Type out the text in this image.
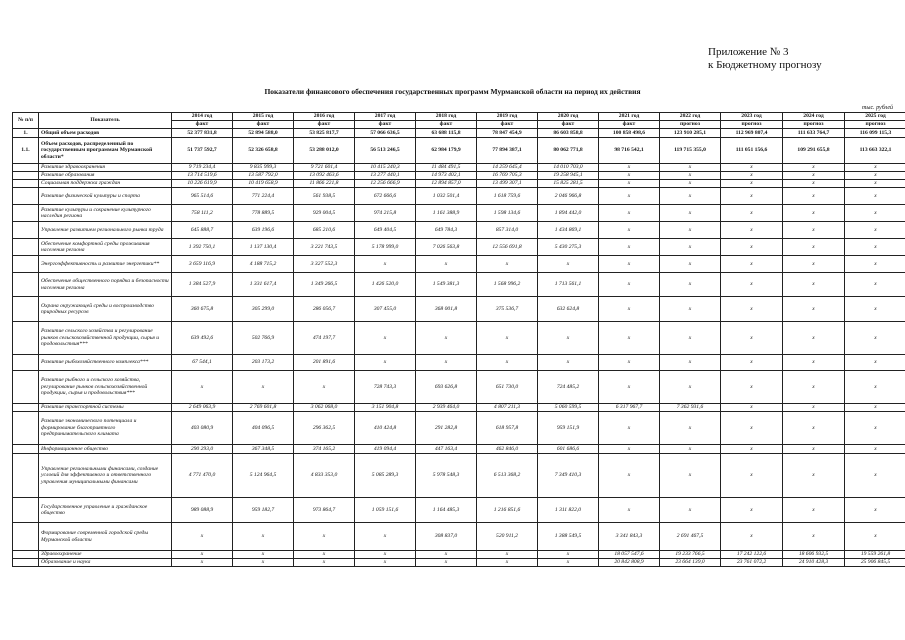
Приложение № 3
к Бюджетному прогнозу
Показатели финансового обеспечения государственных программ Мурманской области на период их действия
тыс. рублей
№ п/п	Показатель	2014 год	2015 год	2016 год	2017 год	2018 год	2019 год	2020 год	2021 год	2022 год	2023 год	2024 год	2025 год
		факт	факт	факт	факт	факт	факт	факт	факт	прогноз	прогноз	прогноз	прогноз
1.	Общий объем расходов	52 377 831,8	52 894 588,0	53 825 817,7	57 066 636,5	63 688 115,8	78 847 454,9	86 603 858,8	100 858 498,6	123 910 285,1	112 969 807,4	111 633 764,7	116 099 115,3
1.1.	Объем расходов, распределенный по государственным программам Мурманской области*	51 737 592,7	52 326 658,8	53 288 012,0	56 513 246,5	62 984 179,9	77 894 387,1	80 062 771,8	98 716 542,1	119 715 355,0	111 051 156,6	109 291 655,8	113 663 322,1
	Развитие здравоохранения	9 719 234,4	9 835 999,3	9 721 601,4	10 415 240,3	11 484 491,5	14 259 645,4	14 010 703,0	x	x	x	x	x
	Развитие образования	13 714 519,6	13 587 792,0	13 092 463,6	13 277 440,1	14 973 402,1	16 769 705,3	19 258 945,1	x	x	x	x	x
	Социальная поддержка граждан	10 226 619,9	10 419 658,9	11 866 221,8	12 256 666,9	12 894 857,0	13 499 307,1	15 825 281,5	x	x	x	x	x
	Развитие физической культуры и спорта	965 514,6	771 224,4	561 938,5	672 666,6	1 032 501,4	1 618 759,6	2 046 966,8	x	x	x	x	x
	Развитие культуры и сохранение культурного наследия региона	758 111,2	778 889,5	929 004,5	974 215,8	1 161 388,9	1 598 134,6	1 894 442,0	x	x	x	x	x
	Управление развитием регионального рынка труда	645 888,7	639 196,6	685 210,6	649 404,5	649 784,3	857 314,0	1 434 869,1	x	x	x	x	x
	Обеспечение комфортной среды проживания населения региона	1 392 750,1	1 137 130,4	3 221 743,5	5 178 999,0	7 026 563,8	12 556 691,8	5 430 275,3	x	x	x	x	x
	Энергоэффективность и развитие энергетики**	3 659 116,9	4 188 715,2	3 327 552,3	x	x	x	x	x	x	x	x	x
	Обеспечение общественного порядка и безопасности населения региона	1 384 527,9	1 331 617,4	1 349 266,5	1 426 520,0	1 549 381,3	1 568 996,2	1 713 561,1	x	x	x	x	x
	Охрана окружающей среды и воспроизводство природных ресурсов	360 675,8	305 299,0	286 056,7	307 455,0	368 001,8	375 536,7	632 624,8	x	x	x	x	x
	Развитие сельского хозяйства и регулирование рынков сельскохозяйственной продукции, сырья и продовольствия***	639 492,6	502 766,9	474 197,7	x	x	x	x	x	x	x	x	x
	Развитие рыбохозяйственного комплекса***	67 544,1	203 173,2	201 891,6	x	x	x	x	x	x	x	x	x
	Развитие рыбного и сельского хозяйства, регулирование рынков сельскохозяйственной продукции, сырья и продовольствия***	x	x	x	728 743,3	693 626,8	651 730,0	724 485,2	x	x	x	x	x
	Развитие транспортной системы	2 649 063,9	2 769 601,8	3 062 068,0	3 151 904,8	2 939 464,0	4 807 211,3	5 060 599,5	6 317 967,7	7 362 931,6	x	x	x
	Развитие экономического потенциала и формирование благоприятного предпринимательского климата	403 080,9	404 096,5	296 362,5	410 424,8	291 282,8	618 957,8	959 151,9	x	x	x	x	x
	Информационное общество	290 293,0	367 348,5	374 165,2	419 094,4	447 163,4	462 846,0	601 686,6	x	x	x	x	x
	Управление региональными финансами, создание условий для эффективного и ответственного управления муниципальными финансами	4 771 470,0	5 124 964,5	4 833 353,0	5 085 289,3	5 978 548,3	6 513 368,2	7 349 410,3	x	x	x	x	x
	Государственное управление и гражданское общество	989 088,9	959 182,7	973 864,7	1 059 151,6	1 164 485,3	1 216 851,6	1 311 822,0	x	x	x	x	x
	Формирование современной городской среды Мурманской области	x	x	x	x	308 837,0	520 911,2	1 388 549,5	3 341 843,3	2 691 467,5	x	x	x
	Здравоохранение	x	x	x	x	x	x	x	18 057 547,6	19 233 766,5	17 242 122,6	18 606 932,5	19 559 261,8
	Образование и наука	x	x	x	x	x	x	x	20 842 808,9	23 664 139,0	23 761 072,2	24 910 428,3	25 906 845,5
